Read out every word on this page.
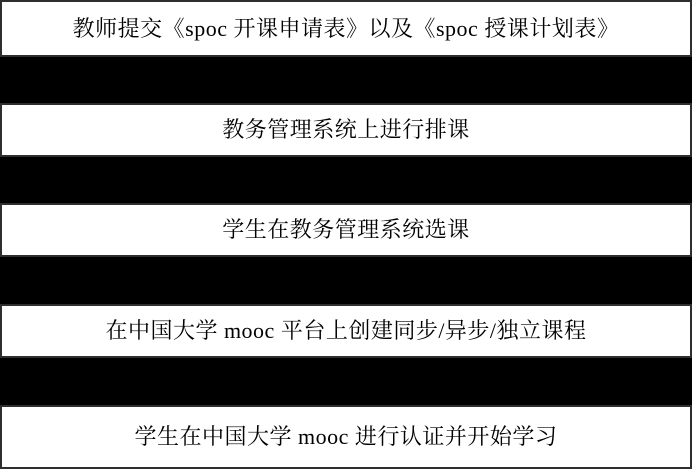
教师提交《spoc 开课申请表》以及《spoc 授课计划表》
教务管理系统上进行排课
学生在教务管理系统选课
在中国大学 mooc 平台上创建同步/异步/独立课程
学生在中国大学 mooc 进行认证并开始学习
